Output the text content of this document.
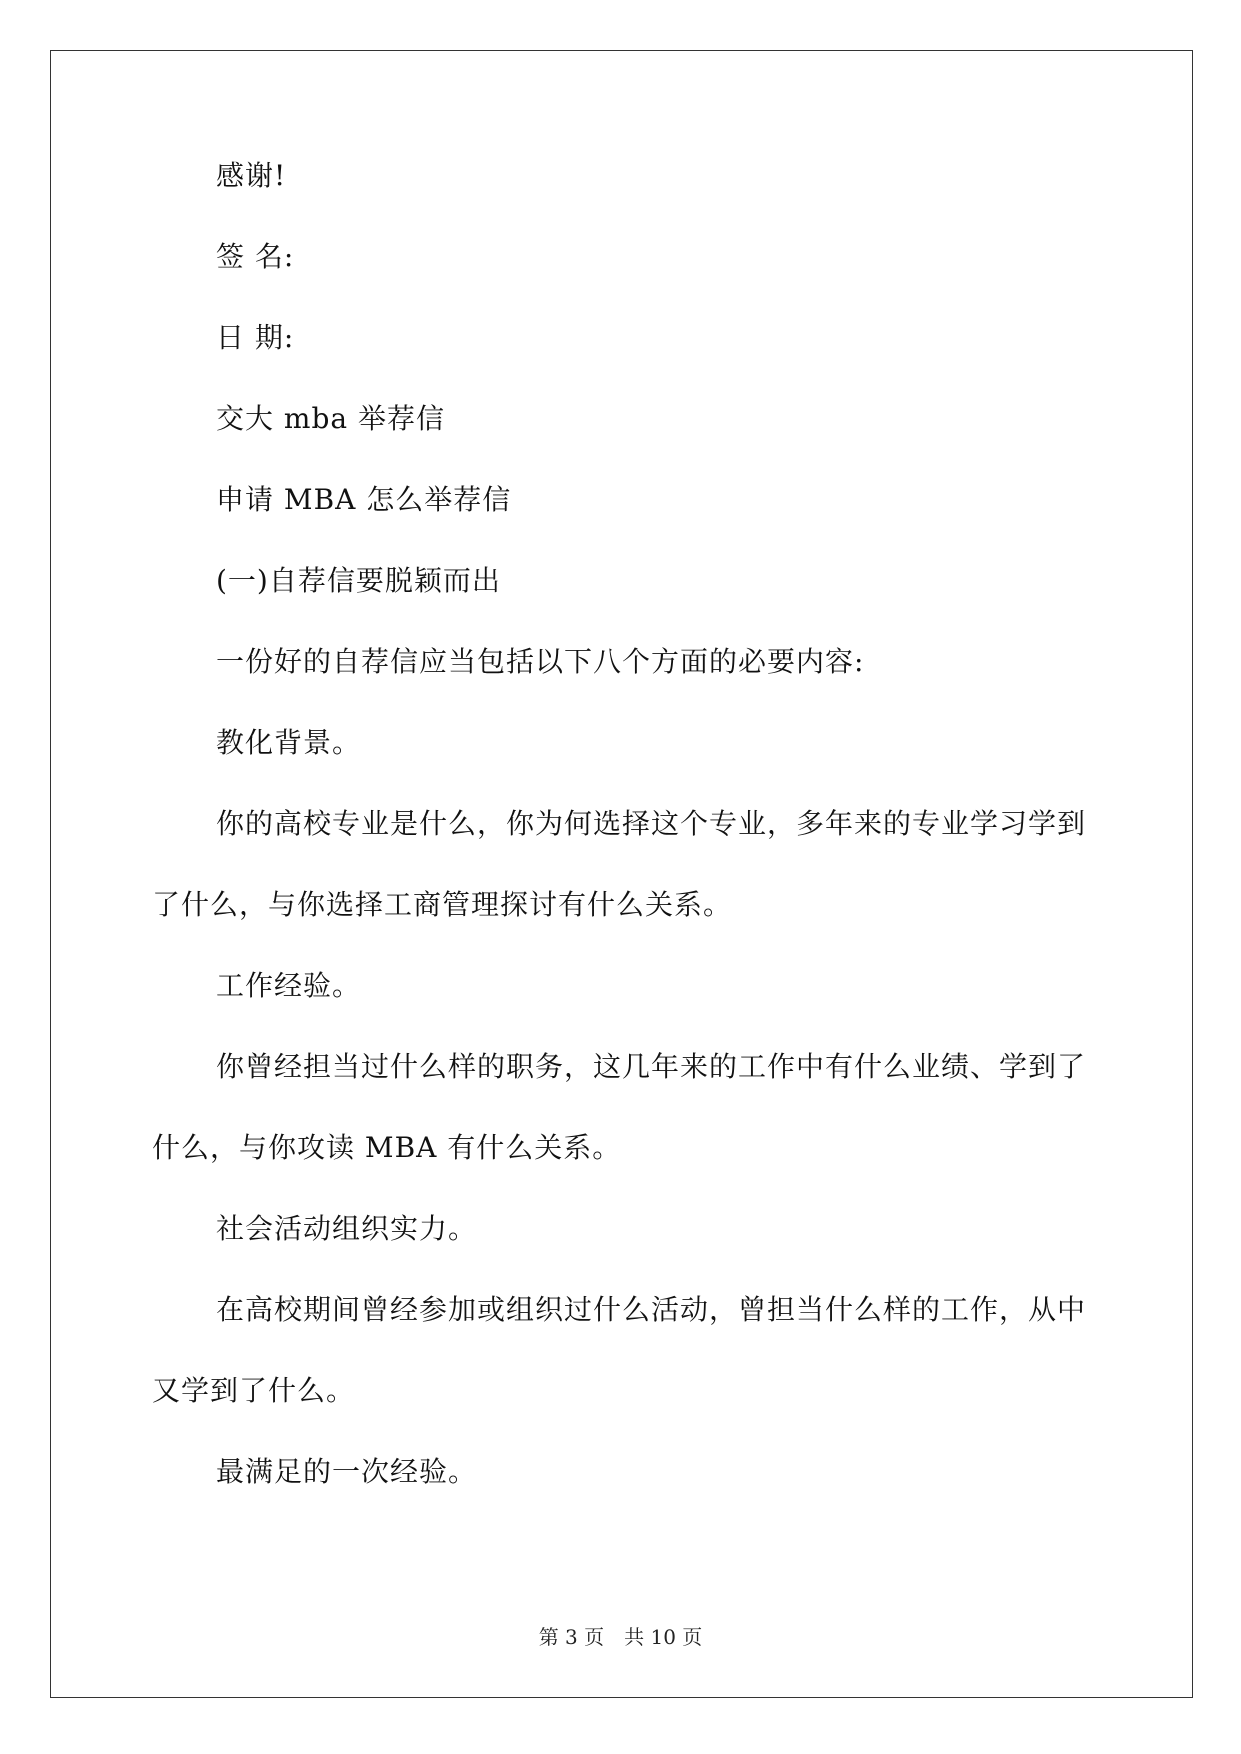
感谢!

签 名:

日 期:

交大 mba 举荐信

申请 MBA 怎么举荐信

(一)自荐信要脱颖而出

一份好的自荐信应当包括以下八个方面的必要内容:

教化背景。

你的高校专业是什么，你为何选择这个专业，多年来的专业学习学到了什么，与你选择工商管理探讨有什么关系。

工作经验。

你曾经担当过什么样的职务，这几年来的工作中有什么业绩、学到了什么，与你攻读 MBA 有什么关系。

社会活动组织实力。

在高校期间曾经参加或组织过什么活动，曾担当什么样的工作，从中又学到了什么。

最满足的一次经验。

第 3 页 共 10 页
